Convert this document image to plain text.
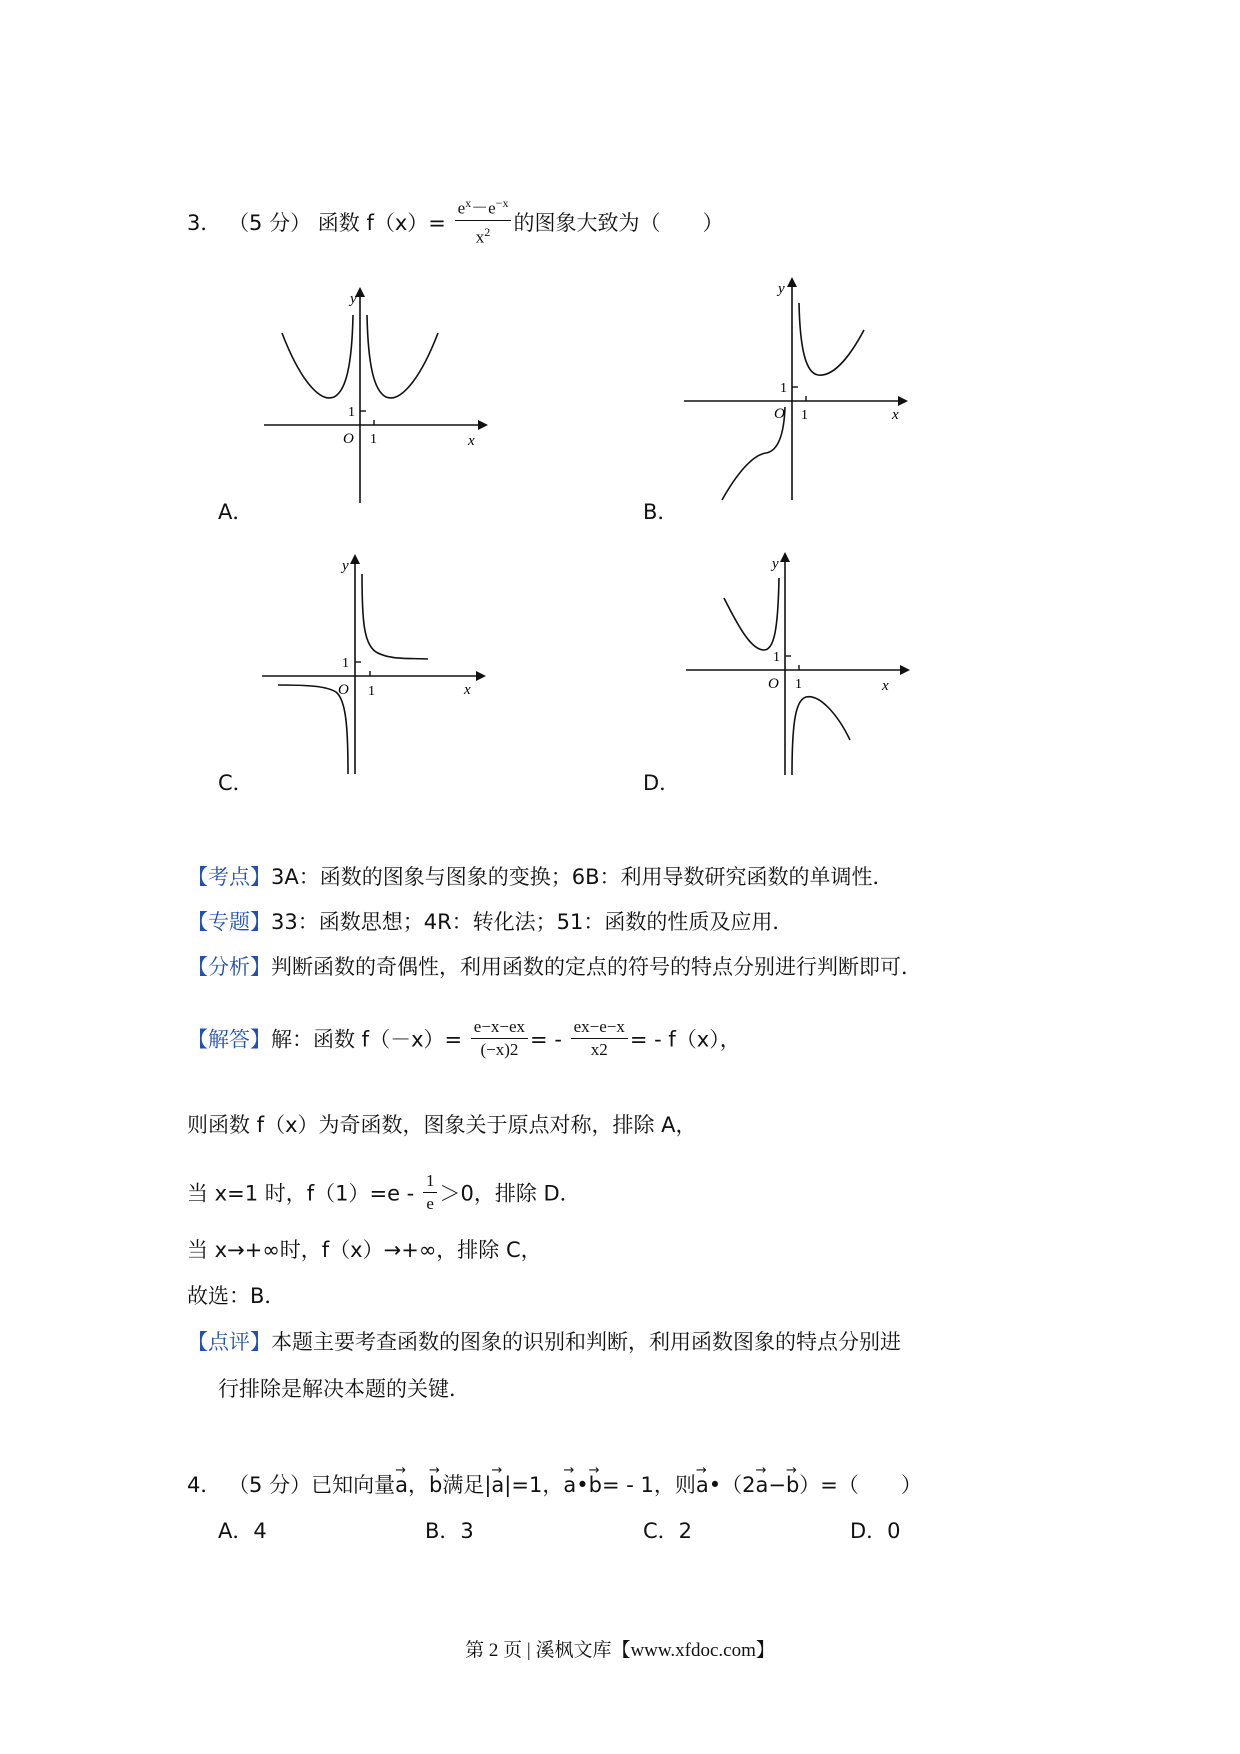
3． （5 分） 函数 $f(x)= \frac{e^x-e^{-x}}{x^2}$ 的图象大致为（　　）
y
x
O 1
1
A．
y
x
O 1
1
B．
y
x
O 1
1
C．
y
x
O 1
1
D．
【考点】3A：函数的图象与图象的变换；6B：利用导数研究函数的单调性．
【专题】33：函数思想；4R：转化法；51：函数的性质及应用．
【分析】判断函数的奇偶性，利用函数的定点的符号的特点分别进行判断即可．
【解答】解：函数 $f(-x)= \frac{e-x-ex}{(-x)2}$ = - $\frac{ex-e-x}{x2}$ = - f（x），
则函数 f（x）为奇函数，图象关于原点对称，排除 A，
当 x=1 时，$f(1)=e - \frac{1}{e} >0$，排除 D．
当 x→+∞时，f（x）→+∞，排除 C，
故选：B．
【点评】本题主要考查函数的图象的识别和判断，利用函数图象的特点分别进
行排除是解决本题的关键．
4． （5 分）已知向量→ a，→ b满足|→ a|=1，→ a•→ b= - 1，则→ a•（2→ a−→ b）=（　　）
A．4	B．3	C．2	D．0
第 2 页 | 溪枫文库【www.xfdoc.com】
